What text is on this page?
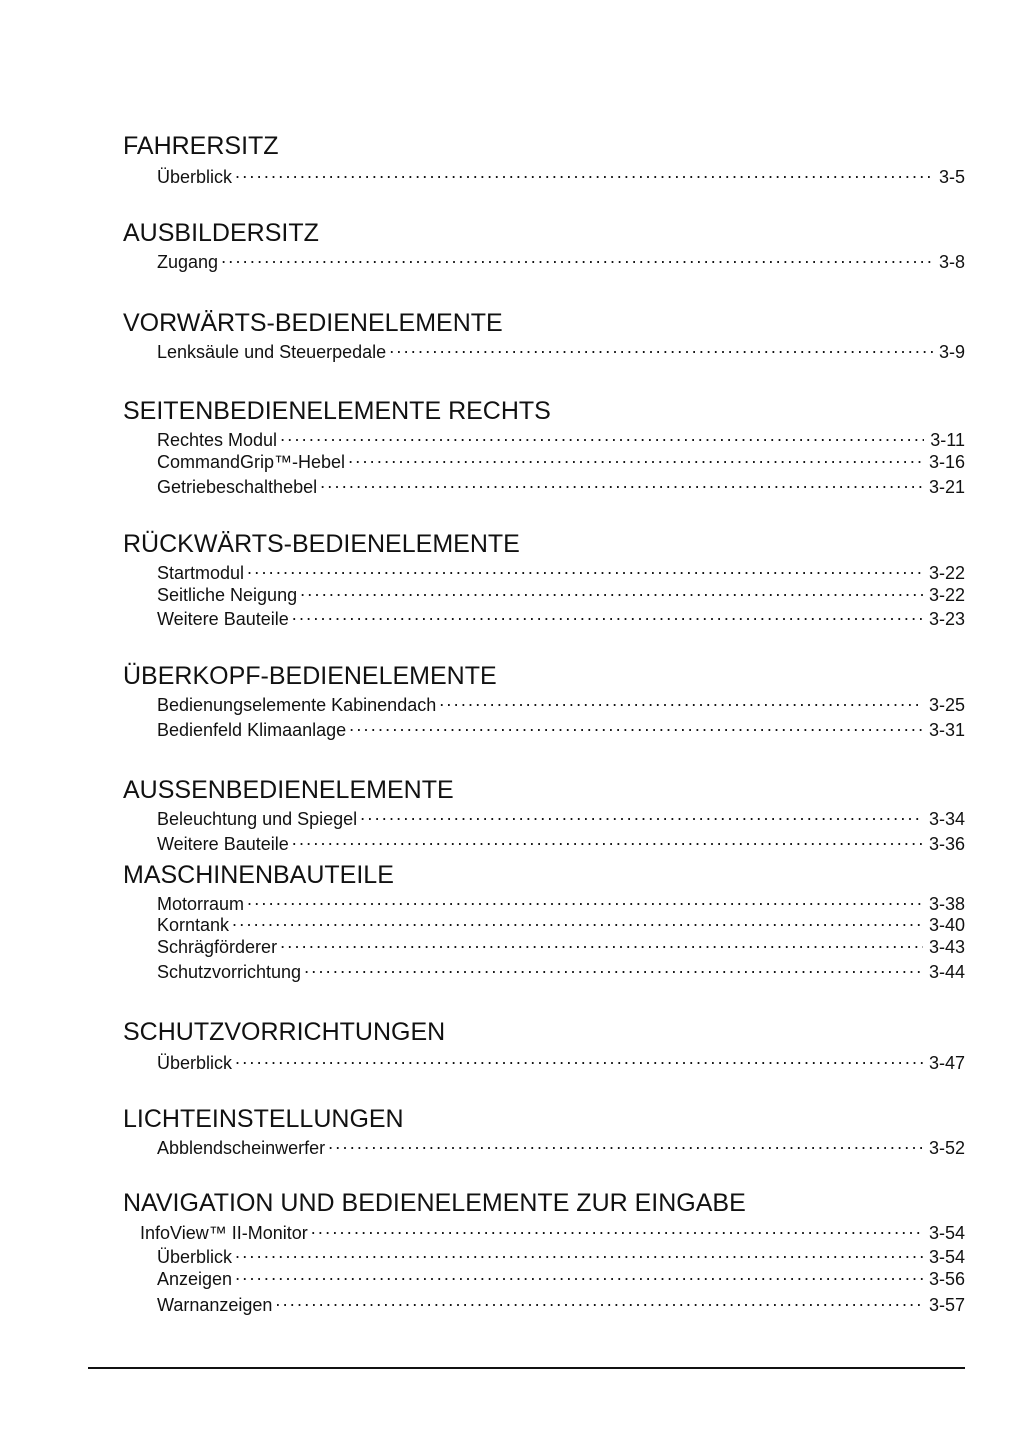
FAHRERSITZ
Überblick . . .	3-5
AUSBILDERSITZ
Zugang . . .	3-8
VORWÄRTS-BEDIENELEMENTE
Lenksäule und Steuerpedale . . .	3-9
SEITENBEDIENELEMENTE RECHTS
Rechtes Modul . . .	3-11
CommandGrip™-Hebel . . .	3-16
Getriebeschalthebel . . .	3-21
RÜCKWÄRTS-BEDIENELEMENTE
Startmodul . . .	3-22
Seitliche Neigung . . .	3-22
Weitere Bauteile . . .	3-23
ÜBERKOPF-BEDIENELEMENTE
Bedienungselemente Kabinendach . . .	3-25
Bedienfeld Klimaanlage . . .	3-31
AUSSENBEDIENELEMENTE
Beleuchtung und Spiegel . . .	3-34
Weitere Bauteile . . .	3-36
MASCHINENBAUTEILE
Motorraum . . .	3-38
Korntank . . .	3-40
Schrägförderer . . .	3-43
Schutzvorrichtung . . .	3-44
SCHUTZVORRICHTUNGEN
Überblick . . .	3-47
LICHTEINSTELLUNGEN
Abblendscheinwerfer . . .	3-52
NAVIGATION UND BEDIENELEMENTE ZUR EINGABE
InfoView™ II-Monitor . . .	3-54
Überblick . . .	3-54
Anzeigen . . .	3-56
Warnanzeigen . . .	3-57
